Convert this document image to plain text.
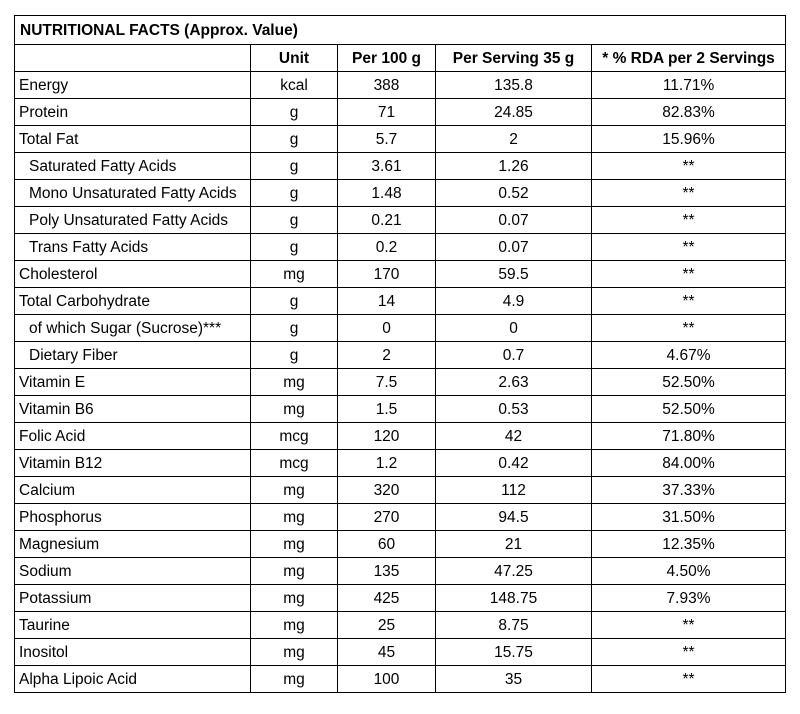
NUTRITIONAL FACTS (Approx. Value)				
	Unit	Per 100 g	Per Serving 35 g	* % RDA per 2 Servings
Energy	kcal	388	135.8	11.71%
Protein	g	71	24.85	82.83%
Total Fat	g	5.7	2	15.96%
Saturated Fatty Acids	g	3.61	1.26	**
Mono Unsaturated Fatty Acids	g	1.48	0.52	**
Poly Unsaturated Fatty Acids	g	0.21	0.07	**
Trans Fatty Acids	g	0.2	0.07	**
Cholesterol	mg	170	59.5	**
Total Carbohydrate	g	14	4.9	**
of which Sugar (Sucrose)***	g	0	0	**
Dietary Fiber	g	2	0.7	4.67%
Vitamin E	mg	7.5	2.63	52.50%
Vitamin B6	mg	1.5	0.53	52.50%
Folic Acid	mcg	120	42	71.80%
Vitamin B12	mcg	1.2	0.42	84.00%
Calcium	mg	320	112	37.33%
Phosphorus	mg	270	94.5	31.50%
Magnesium	mg	60	21	12.35%
Sodium	mg	135	47.25	4.50%
Potassium	mg	425	148.75	7.93%
Taurine	mg	25	8.75	**
Inositol	mg	45	15.75	**
Alpha Lipoic Acid	mg	100	35	**
